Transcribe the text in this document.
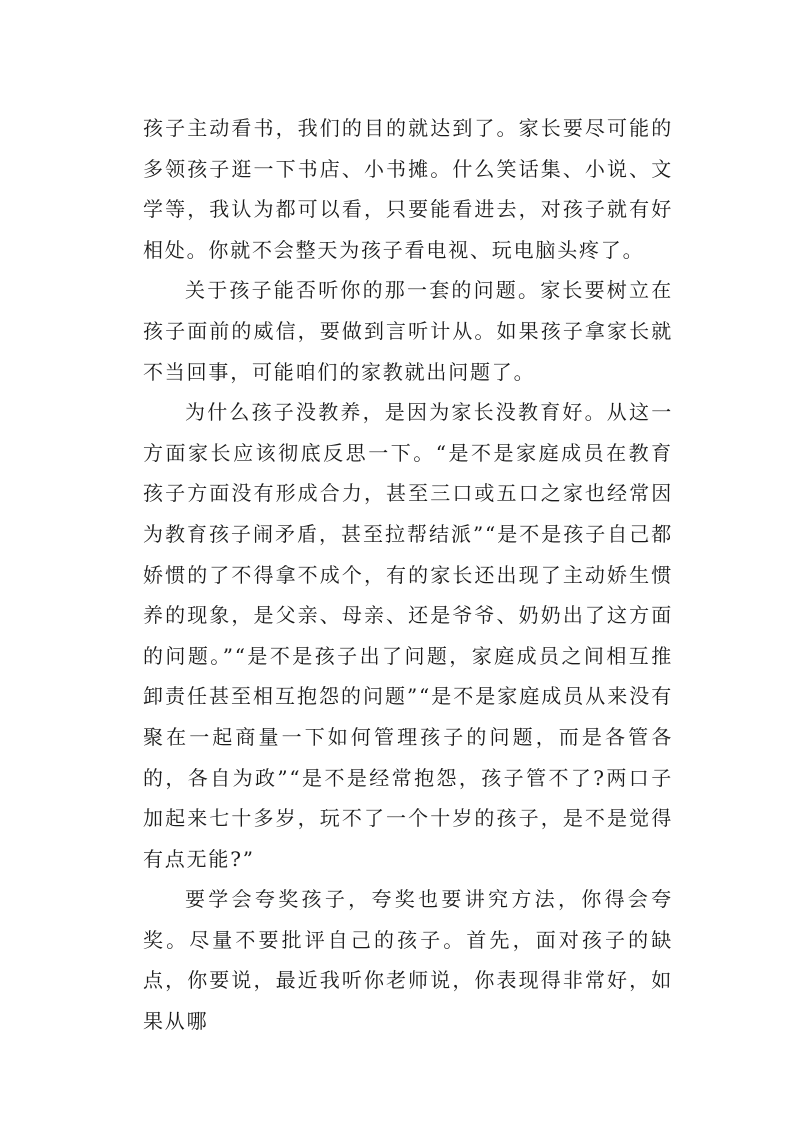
孩子主动看书，我们的目的就达到了。家长要尽可能的多领孩子逛一下书店、小书摊。什么笑话集、小说、文学等，我认为都可以看，只要能看进去，对孩子就有好相处。你就不会整天为孩子看电视、玩电脑头疼了。

关于孩子能否听你的那一套的问题。家长要树立在孩子面前的威信，要做到言听计从。如果孩子拿家长就不当回事，可能咱们的家教就出问题了。

为什么孩子没教养，是因为家长没教育好。从这一方面家长应该彻底反思一下。“是不是家庭成员在教育孩子方面没有形成合力，甚至三口或五口之家也经常因为教育孩子闹矛盾，甚至拉帮结派”“是不是孩子自己都娇惯的了不得拿不成个，有的家长还出现了主动娇生惯养的现象，是父亲、母亲、还是爷爷、奶奶出了这方面的问题。”“是不是孩子出了问题，家庭成员之间相互推卸责任甚至相互抱怨的问题”“是不是家庭成员从来没有聚在一起商量一下如何管理孩子的问题，而是各管各的，各自为政”“是不是经常抱怨，孩子管不了?两口子加起来七十多岁，玩不了一个十岁的孩子，是不是觉得有点无能?”

要学会夸奖孩子，夸奖也要讲究方法，你得会夸奖。尽量不要批评自己的孩子。首先，面对孩子的缺点，你要说，最近我听你老师说，你表现得非常好，如果从哪
